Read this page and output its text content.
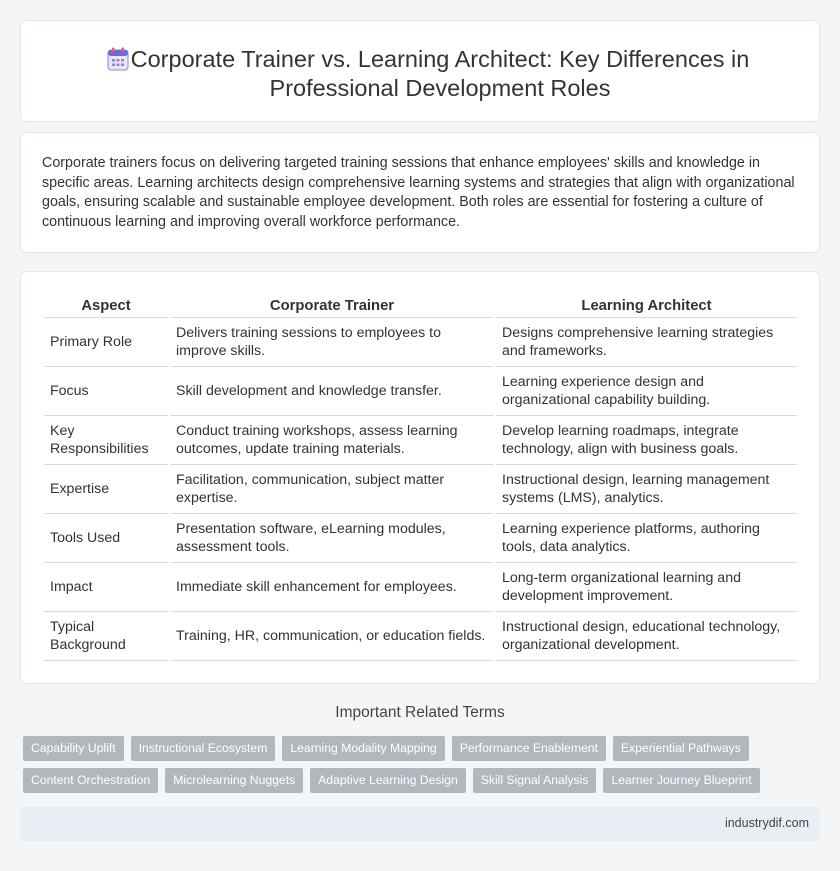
Corporate Trainer vs. Learning Architect: Key Differences in Professional Development Roles

Corporate trainers focus on delivering targeted training sessions that enhance employees' skills and knowledge in specific areas. Learning architects design comprehensive learning systems and strategies that align with organizational goals, ensuring scalable and sustainable employee development. Both roles are essential for fostering a culture of continuous learning and improving overall workforce performance.

Aspect	Corporate Trainer	Learning Architect
Primary Role	Delivers training sessions to employees to improve skills.	Designs comprehensive learning strategies and frameworks.
Focus	Skill development and knowledge transfer.	Learning experience design and organizational capability building.
Key Responsibilities	Conduct training workshops, assess learning outcomes, update training materials.	Develop learning roadmaps, integrate technology, align with business goals.
Expertise	Facilitation, communication, subject matter expertise.	Instructional design, learning management systems (LMS), analytics.
Tools Used	Presentation software, eLearning modules, assessment tools.	Learning experience platforms, authoring tools, data analytics.
Impact	Immediate skill enhancement for employees.	Long-term organizational learning and development improvement.
Typical Background	Training, HR, communication, or education fields.	Instructional design, educational technology, organizational development.
Important Related Terms
Capability Uplift	Instructional Ecosystem	Learning Modality Mapping	Performance Enablement	Experiential Pathways
Content Orchestration	Microlearning Nuggets	Adaptive Learning Design	Skill Signal Analysis	Learner Journey Blueprint
industrydif.com
